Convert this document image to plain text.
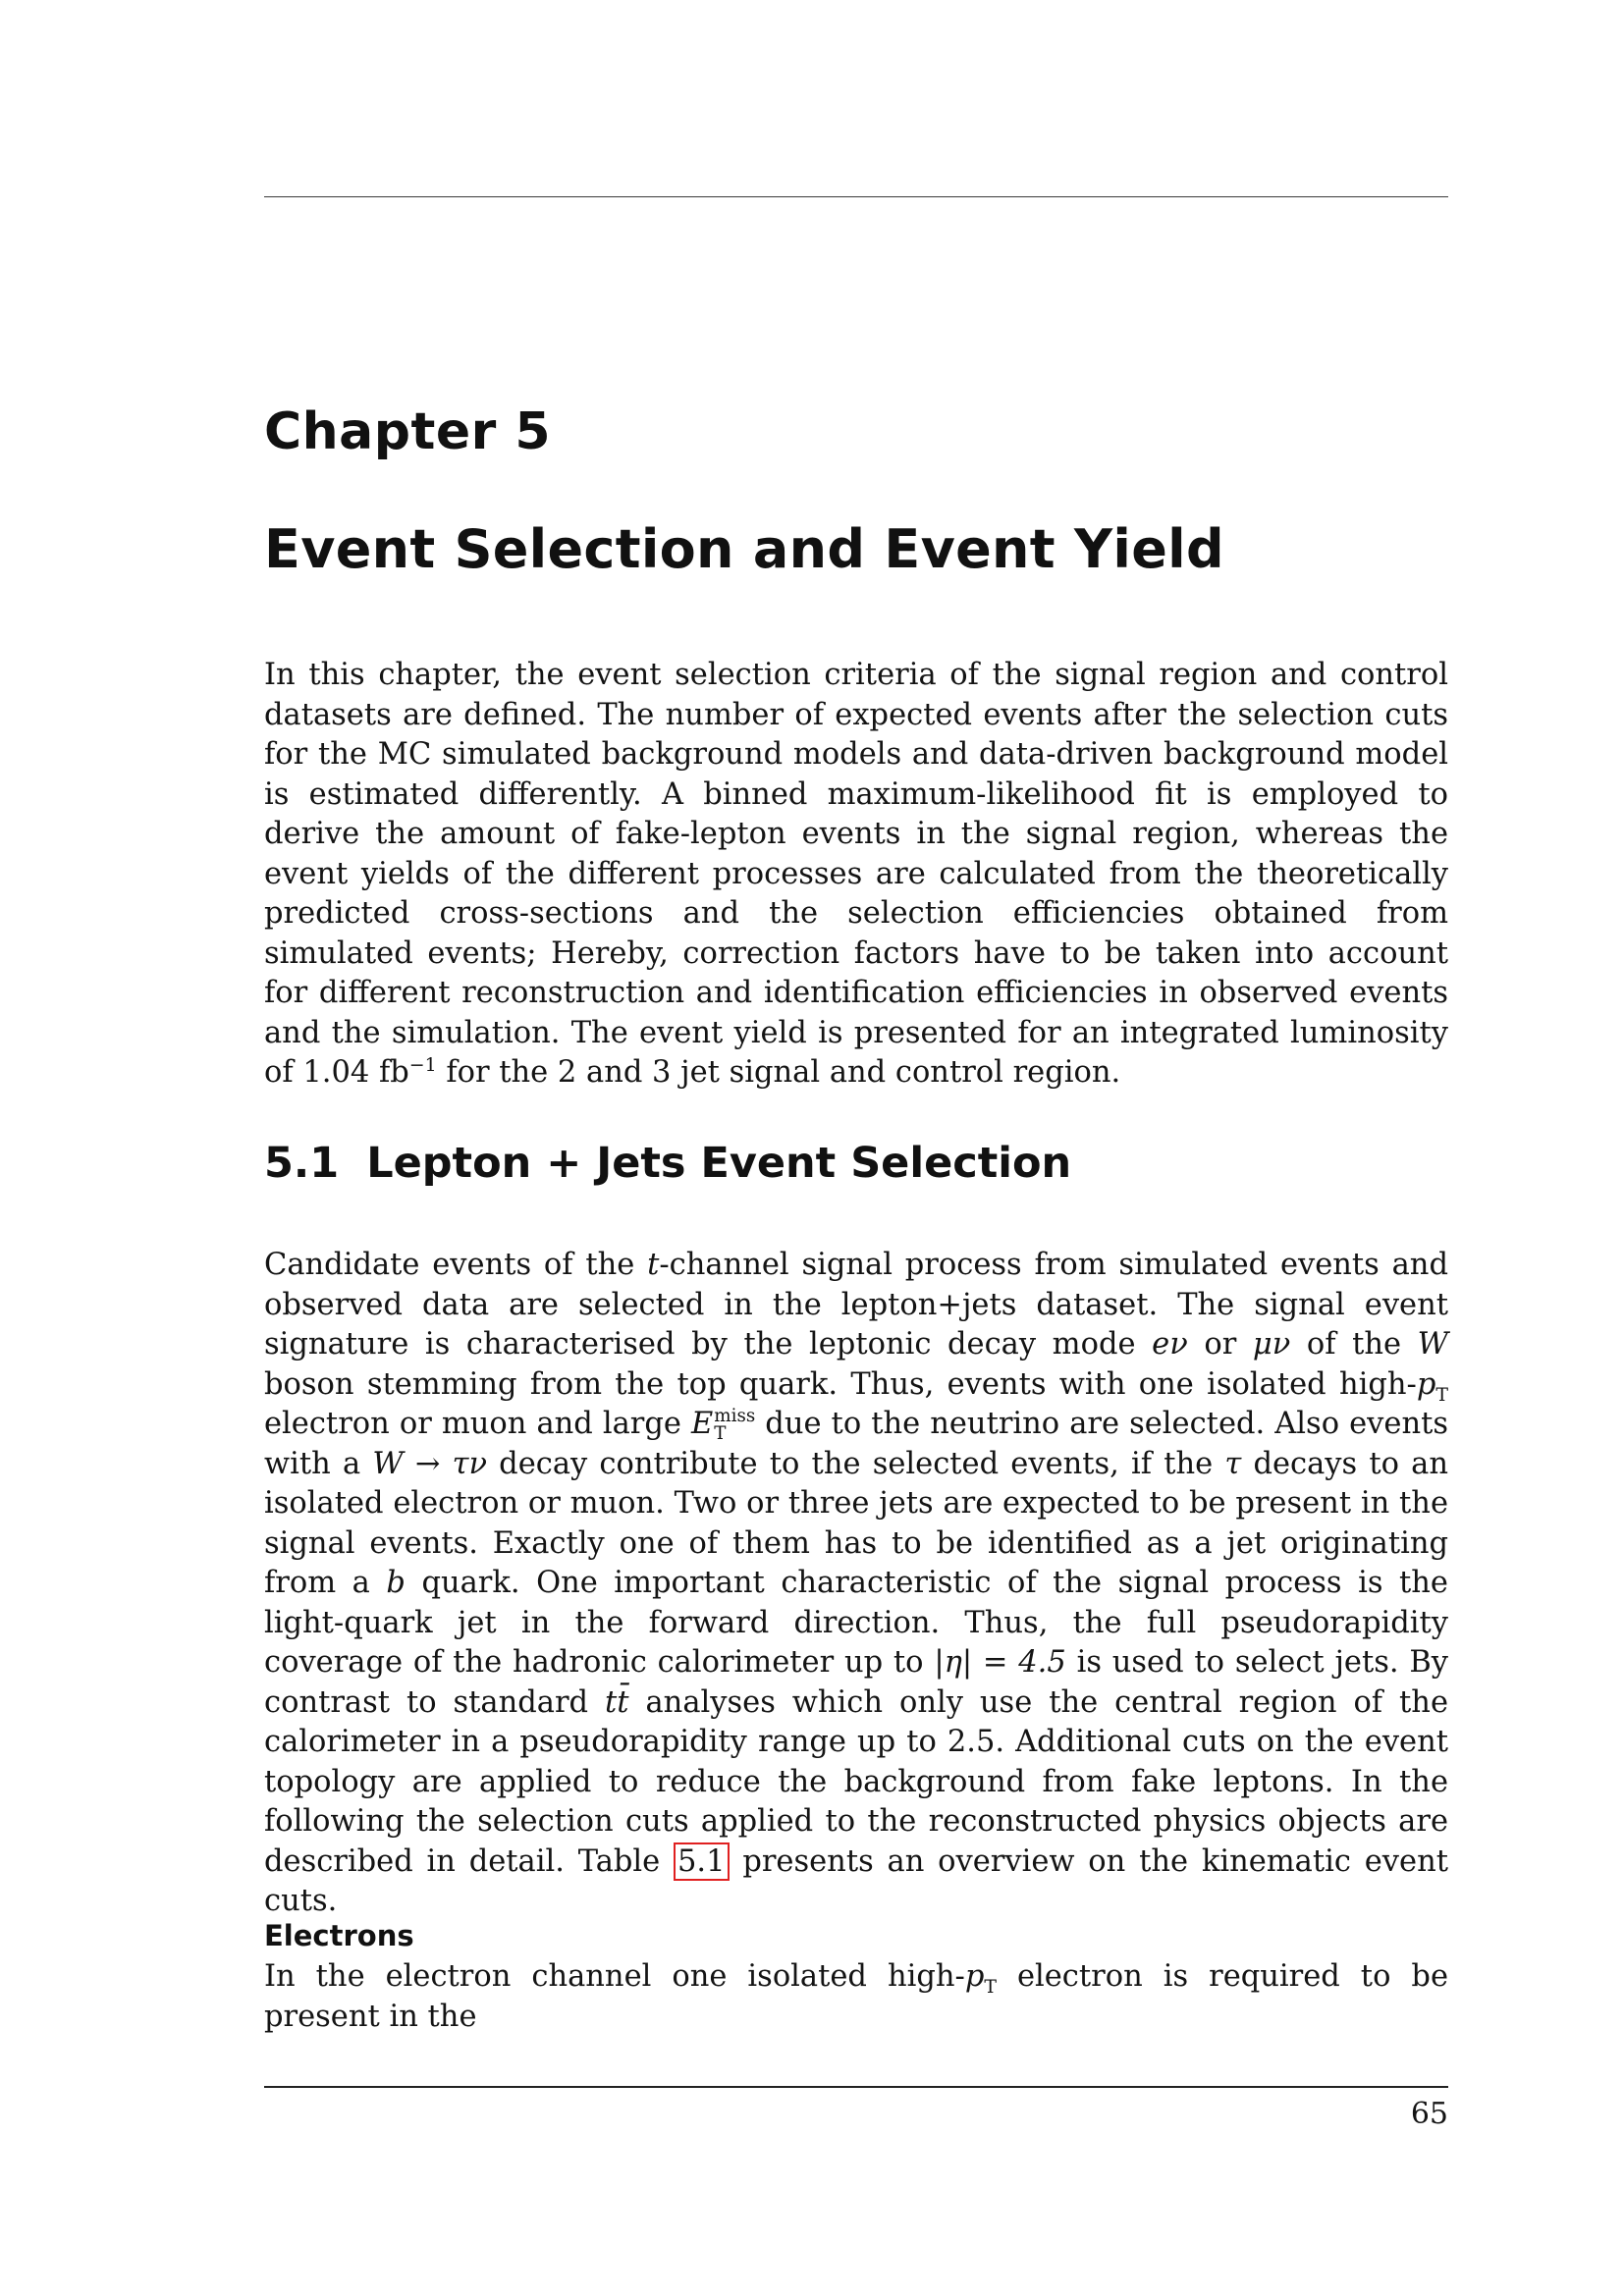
Chapter 5
Event Selection and Event Yield

In this chapter, the event selection criteria of the signal region and control datasets are defined. The number of expected events after the selection cuts for the MC simulated background models and data-driven background model is estimated differently. A binned maximum-likelihood fit is employed to derive the amount of fake-lepton events in the signal region, whereas the event yields of the different processes are calculated from the theoretically predicted cross-sections and the selection efficiencies obtained from simulated events; Hereby, correction factors have to be taken into account for different reconstruction and identification efficiencies in observed events and the simulation. The event yield is presented for an integrated luminosity of 1.04 $fb^{-1}$ for the 2 and 3 jet signal and control region.

5.1 Lepton + Jets Event Selection

Candidate events of the t-channel signal process from simulated events and observed data are selected in the lepton+jets dataset. The signal event signature is characterised by the leptonic decay mode eν or μν of the W boson stemming from the top quark. Thus, events with one isolated high-$p_T$ electron or muon and large E miss
T due to the neutrino are selected. Also events with a W → τν decay contribute to the selected events, if the τ decays to an isolated electron or muon. Two or three jets are expected to be present in the signal events. Exactly one of them has to be identified as a jet originating from a b quark. One important characteristic of the signal process is the light-quark jet in the forward direction. Thus, the full pseudorapidity coverage of the hadronic calorimeter up to |η| = 4.5 is used to select jets. By contrast to standard tt̄ analyses which only use the central region of the calorimeter in a pseudorapidity range up to 2.5. Additional cuts on the event topology are applied to reduce the background from fake leptons. In the following the selection cuts applied to the reconstructed physics objects are described in detail. Table 5.1 presents an overview on the kinematic event cuts.

Electrons

In the electron channel one isolated high-$p_T$ electron is required to be present in the

65
